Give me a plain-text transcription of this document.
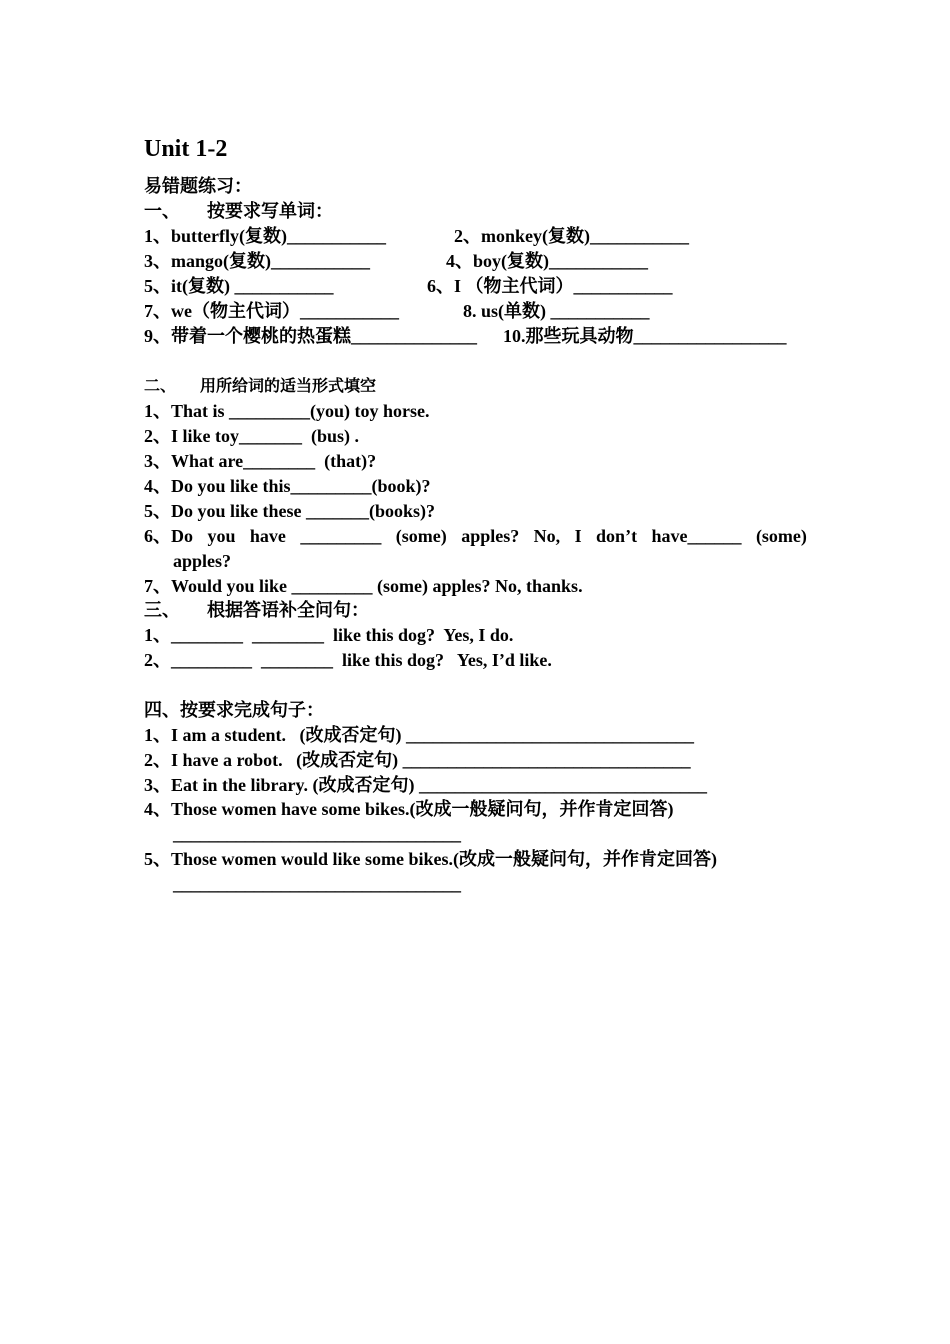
Unit 1-2
易错题练习：
一、      按要求写单词：
1、butterfly(复数)___________	2、monkey(复数)___________
3、mango(复数)___________	4、boy(复数)___________
5、it(复数) ___________	6、I （物主代词）___________
7、we（物主代词）___________	8. us(单数) ___________
9、带着一个樱桃的热蛋糕______________ 10.那些玩具动物_________________
二、      用所给词的适当形式填空
1、That is _________(you) toy horse.
2、I like toy_______  (bus) .
3、What are________  (that)?
4、Do you like this_________(book)?
5、Do you like these _______(books)?
6、Do you have _________ (some) apples? No, I don’t have______ (some)
apples?
7、Would you like _________ (some) apples? No, thanks.
三、      根据答语补全问句：
1、________  ________  like this dog?  Yes, I do.
2、_________  ________  like this dog?   Yes, I’d like.
四、按要求完成句子：
1、I am a student.   (改成否定句) ________________________________
2、I have a robot.   (改成否定句) ________________________________
3、Eat in the library. (改成否定句) ________________________________
4、Those women have some bikes.(改成一般疑问句，并作肯定回答)
________________________________
5、Those women would like some bikes.(改成一般疑问句，并作肯定回答)
________________________________
